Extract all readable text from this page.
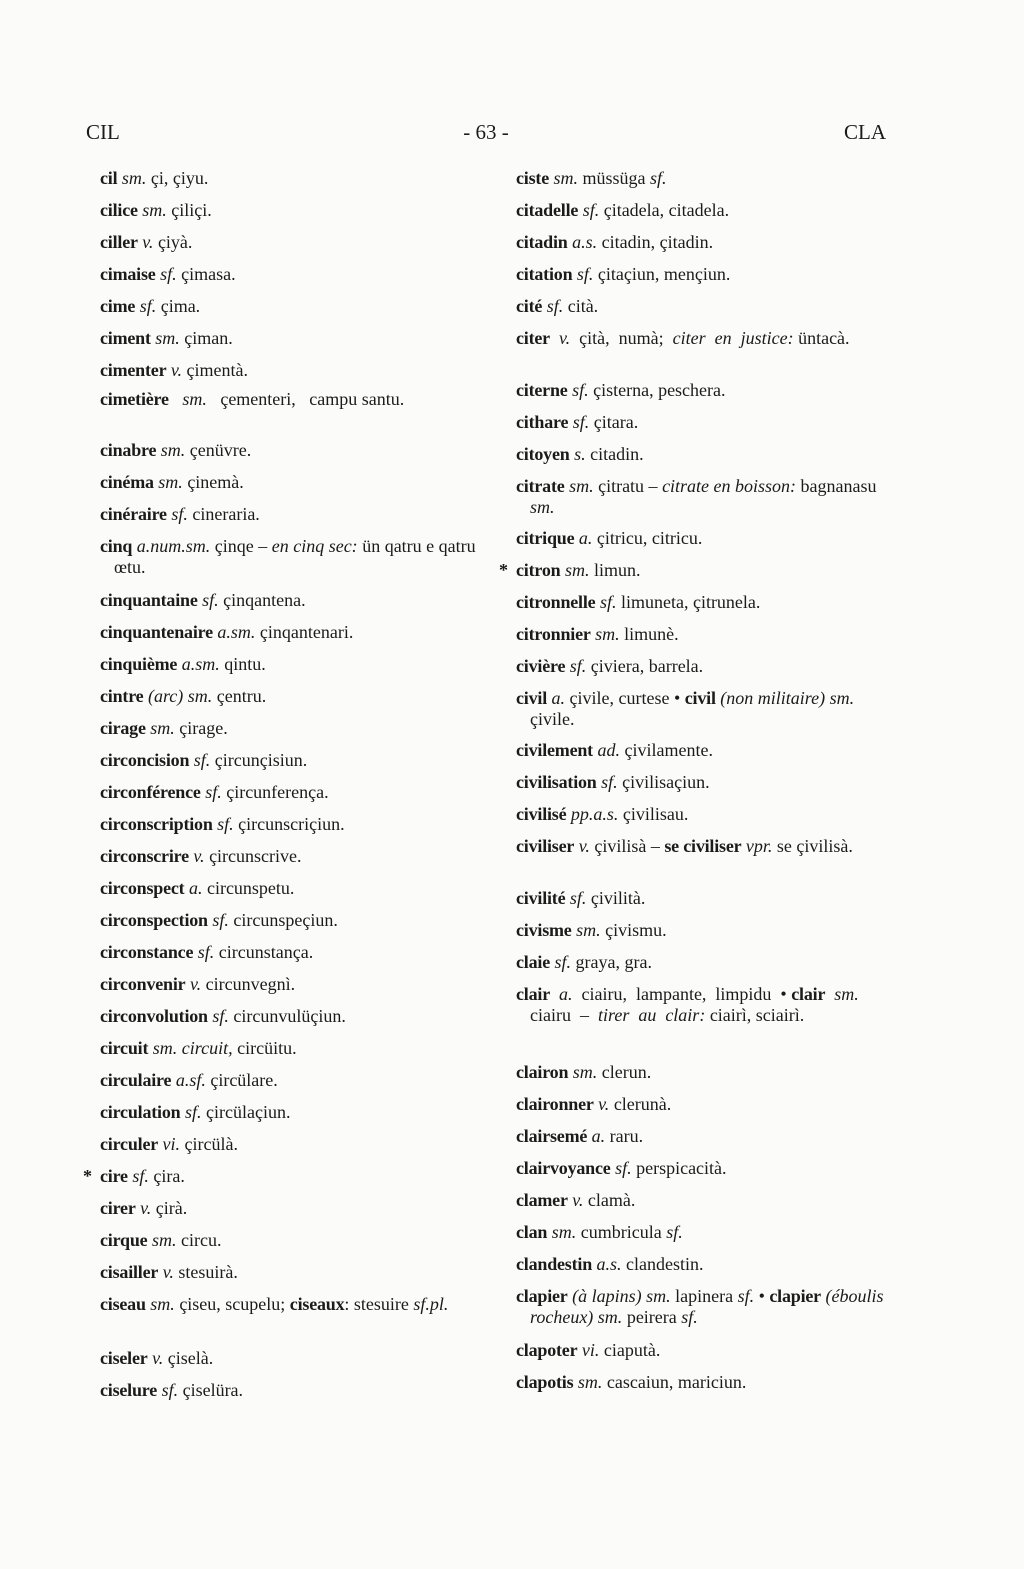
CIL	- 63 -	CLA
cil sm. çi, çiyu.
cilice sm. çiliçi.
ciller v. çiyà.
cimaise sf. çimasa.
cime sf. çima.
ciment sm. çiman.
cimenter v. çimentà.
cimetière sm.   çementeri,   campu santu.
cinabre sm. çenüvre.
cinéma sm. çinemà.
cinéraire sf. cineraria.
cinq a.num.sm. çinqe – en cinq sec: ün qatru e qatru œtu.
cinquantaine sf. çinqantena.
cinquantenaire a.sm. çinqantenari.
cinquième a.sm. qintu.
cintre (arc) sm. çentru.
cirage sm. çirage.
circoncision sf. çircunçisiun.
circonférence sf. çircunferença.
circonscription sf. çircunscriçiun.
circonscrire v. çircunscrive.
circonspect a. circunspetu.
circonspection sf. circunspeçiun.
circonstance sf. circunstança.
circonvenir v. circunvegnì.
circonvolution sf. circunvulüçiun.
circuit sm. circuit, circüitu.
circulaire a.sf. çircülare.
circulation sf. çircülaçiun.
circuler vi. çircülà.
* cire sf. çira.
cirer v. çirà.
cirque sm. circu.
cisailler v. stesuirà.
ciseau sm. çiseu, scupelu; ciseaux: stesuire sf.pl.
ciseler v. çiselà.
ciselure sf. çiselüra.
ciste sm. müssüga sf.
citadelle sf. çitadela, citadela.
citadin a.s. citadin, çitadin.
citation sf. çitaçiun, mençiun.
cité sf. cità.
citer v.  çità,  numà;  citer  en  justice: üntacà.
citerne sf. çisterna, peschera.
cithare sf. çitara.
citoyen s. citadin.
citrate sm. çitratu – citrate en boisson: bagnanasu sm.
citrique a. çitricu, citricu.
* citron sm. limun.
citronnelle sf. limuneta, çitrunela.
citronnier sm. limunè.
civière sf. çiviera, barrela.
civil a. çivile, curtese • civil (non militaire) sm. çivile.
civilement ad. çivilamente.
civilisation sf. çivilisaçiun.
civilisé pp.a.s. çivilisau.
civiliser v. çivilisà – se civiliser vpr. se çivilisà.
civilité sf. çivilità.
civisme sm. çivismu.
claie sf. graya, gra.
clair a.  ciairu,  lampante,  limpidu  • clair sm.  ciairu  –  tirer  au  clair: ciairì, sciairì.
clairon sm. clerun.
claironner v. clerunà.
clairsemé a. raru.
clairvoyance sf. perspicacità.
clamer v. clamà.
clan sm. cumbricula sf.
clandestin a.s. clandestin.
clapier (à lapins) sm. lapinera sf. • clapier (éboulis rocheux) sm. peirera sf.
clapoter vi. ciaputà.
clapotis sm. cascaiun, mariciun.
